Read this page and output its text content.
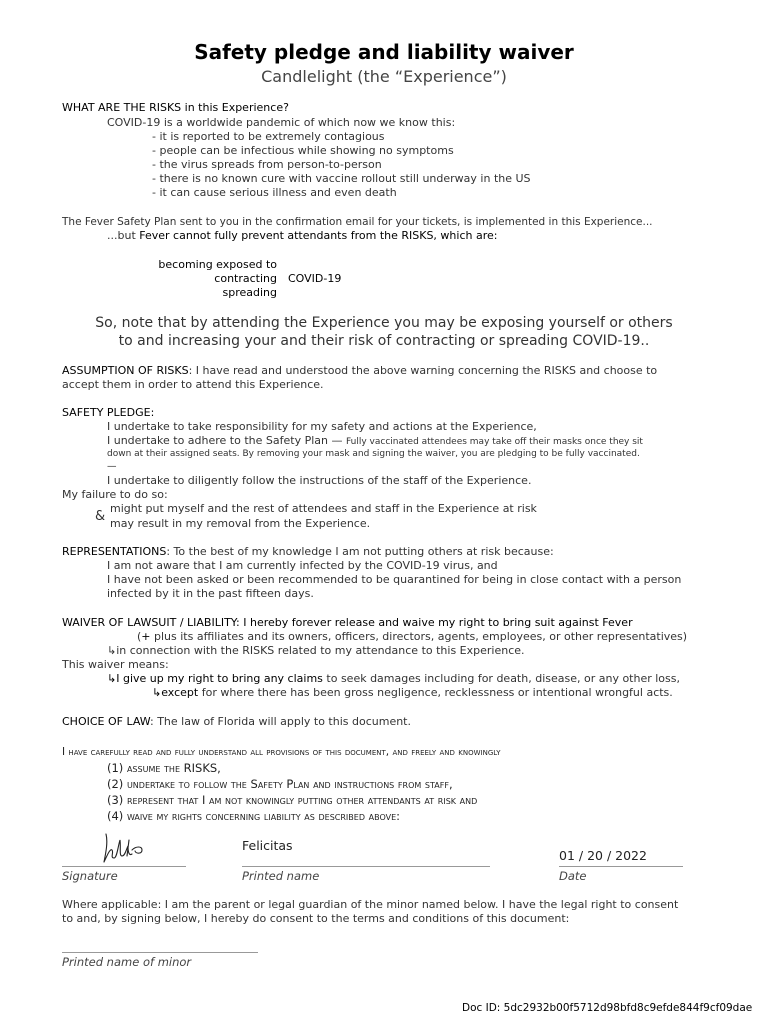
Safety pledge and liability waiver
Candlelight (the “Experience”)
WHAT ARE THE RISKS in this Experience?
COVID-19 is a worldwide pandemic of which now we know this:
- it is reported to be extremely contagious
- people can be infectious while showing no symptoms
- the virus spreads from person-to-person
- there is no known cure with vaccine rollout still underway in the US
- it can cause serious illness and even death
The Fever Safety Plan sent to you in the confirmation email for your tickets, is implemented in this Experience...
...but Fever cannot fully prevent attendants from the RISKS, which are:
becoming exposed to
contracting
spreading
COVID-19
So, note that by attending the Experience you may be exposing yourself or others
to and increasing your and their risk of contracting or spreading COVID-19..
ASSUMPTION OF RISKS: I have read and understood the above warning concerning the RISKS and choose to
accept them in order to attend this Experience.
SAFETY PLEDGE:
I undertake to take responsibility for my safety and actions at the Experience,
I undertake to adhere to the Safety Plan — Fully vaccinated attendees may take off their masks once they sit
down at their assigned seats. By removing your mask and signing the waiver, you are pledging to be fully vaccinated.
—
I undertake to diligently follow the instructions of the staff of the Experience.
My failure to do so:
&
might put myself and the rest of attendees and staff in the Experience at risk
may result in my removal from the Experience.
REPRESENTATIONS: To the best of my knowledge I am not putting others at risk because:
I am not aware that I am currently infected by the COVID-19 virus, and
I have not been asked or been recommended to be quarantined for being in close contact with a person
infected by it in the past fifteen days.
WAIVER OF LAWSUIT / LIABILITY: I hereby forever release and waive my right to bring suit against Fever
(+ plus its affiliates and its owners, officers, directors, agents, employees, or other representatives)
↳in connection with the RISKS related to my attendance to this Experience.
This waiver means:
↳I give up my right to bring any claims to seek damages including for death, disease, or any other loss,
↳except for where there has been gross negligence, recklessness or intentional wrongful acts.
CHOICE OF LAW: The law of Florida will apply to this document.
I have carefully read and fully understand all provisions of this document, and freely and knowingly
(1) assume the RISKS,
(2) undertake to follow the Safety Plan and instructions from staff,
(3) represent that I am not knowingly putting other attendants at risk and
(4) waive my rights concerning liability as described above:
Felicitas
01 / 20 / 2022
Signature	Printed name	Date
Where applicable: I am the parent or legal guardian of the minor named below. I have the legal right to consent
to and, by signing below, I hereby do consent to the terms and conditions of this document:
Printed name of minor
Doc ID: 5dc2932b00f5712d98bfd8c9efde844f9cf09dae
